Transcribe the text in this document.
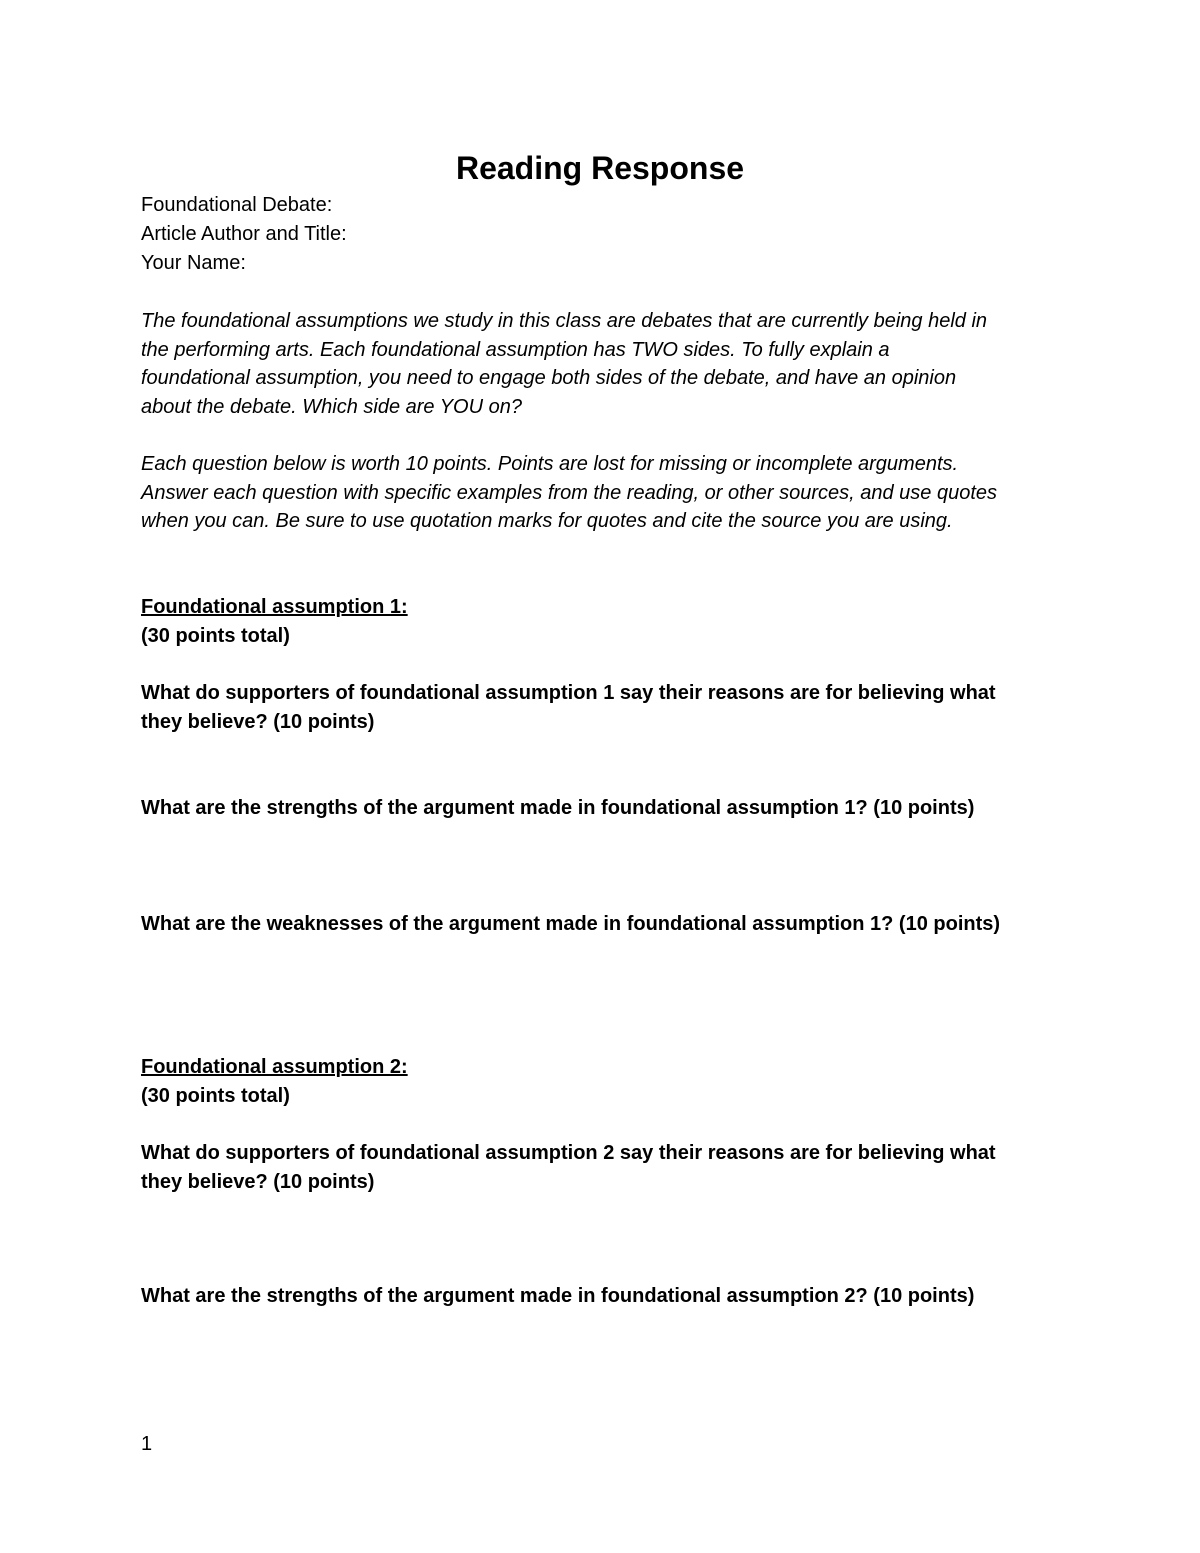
Reading Response
Foundational Debate:
Article Author and Title:
Your Name:
The foundational assumptions we study in this class are debates that are currently being held in
the performing arts. Each foundational assumption has TWO sides. To fully explain a
foundational assumption, you need to engage both sides of the debate, and have an opinion
about the debate. Which side are YOU on?
Each question below is worth 10 points. Points are lost for missing or incomplete arguments.
Answer each question with specific examples from the reading, or other sources, and use quotes
when you can. Be sure to use quotation marks for quotes and cite the source you are using.
Foundational assumption 1:
(30 points total)
What do supporters of foundational assumption 1 say their reasons are for believing what
they believe? (10 points)
What are the strengths of the argument made in foundational assumption 1? (10 points)
What are the weaknesses of the argument made in foundational assumption 1? (10 points)
Foundational assumption 2:
(30 points total)
What do supporters of foundational assumption 2 say their reasons are for believing what
they believe? (10 points)
What are the strengths of the argument made in foundational assumption 2? (10 points)
1
